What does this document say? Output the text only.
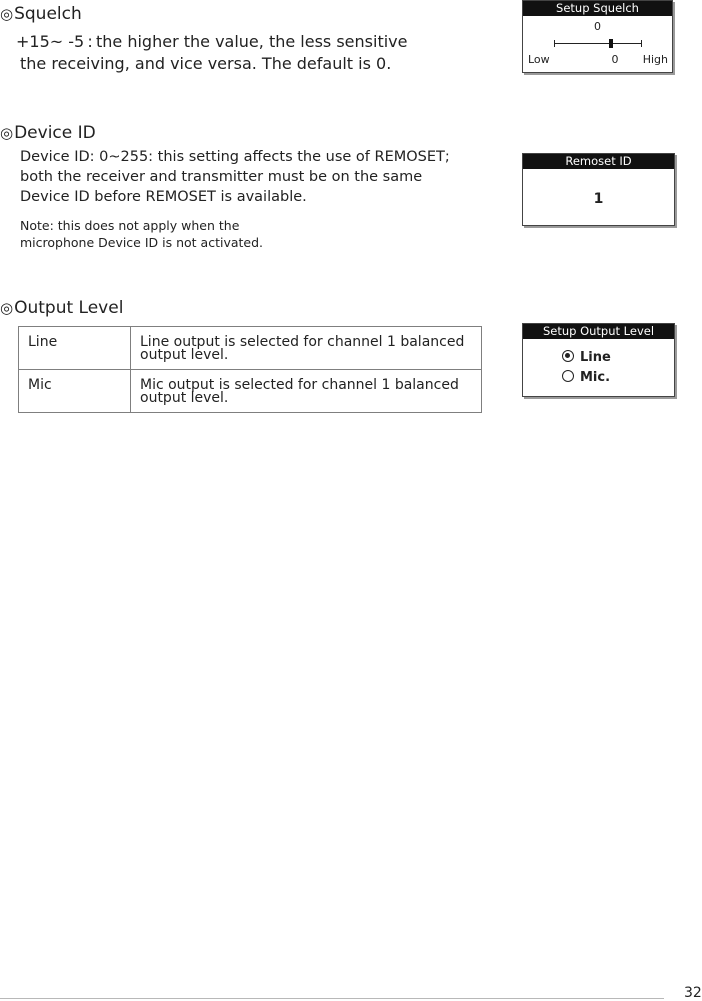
◎Squelch
+15~ -5 : the higher the value, the less sensitive
the receiving, and vice versa. The default is 0.
Setup Squelch
0
Low	0	High
◎Device ID
Device ID: 0~255: this setting affects the use of REMOSET;
both the receiver and transmitter must be on the same
Device ID before REMOSET is available.
Note: this does not apply when the
microphone Device ID is not activated.
Remoset ID
1
◎Output Level
Line	Line output is selected for channel 1 balanced output level.
Mic	Mic output is selected for channel 1 balanced output level.
Setup Output Level
Line
Mic.
32
